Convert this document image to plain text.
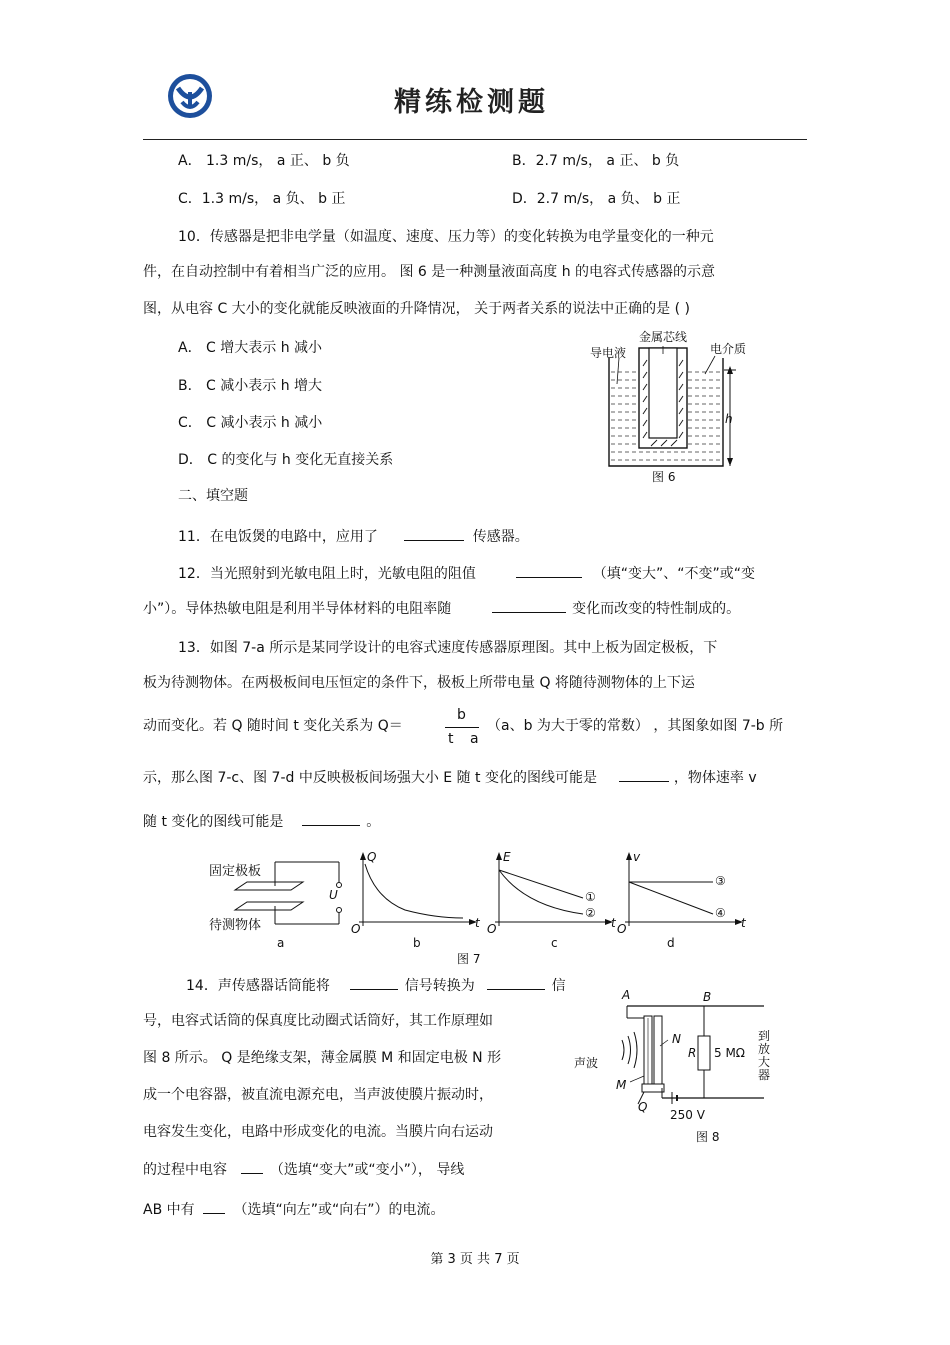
精练检测题
A． 1.3 m/s， a 正、 b 负	B．2.7 m/s， a 正、 b 负
C．1.3 m/s， a 负、 b 正	D．2.7 m/s， a 负、 b 正
10．传感器是把非电学量（如温度、速度、压力等）的变化转换为电学量变化的一种元
件，在自动控制中有着相当广泛的应用。 图 6 是一种测量液面高度 h 的电容式传感器的示意
图，从电容 C 大小的变化就能反映液面的升降情况， 关于两者关系的说法中正确的是 ( )
A． C 增大表示 h 减小
B． C 减小表示 h 增大
C． C 减小表示 h 减小
D． C 的变化与 h 变化无直接关系
导电液
金属芯线
电介质
h
图 6
二、填空题
11．在电饭煲的电路中，应用了	传感器。
12．当光照射到光敏电阻上时，光敏电阻的阻值	（填“变大”、“不变”或“变
小”）。导体热敏电阻是利用半导体材料的电阻率随	变化而改变的特性制成的。
13．如图 7-a 所示是某同学设计的电容式速度传感器原理图。其中上板为固定极板，下
板为待测物体。在两极板间电压恒定的条件下，极板上所带电量 Q 将随待测物体的上下运
动而变化。若 Q 随时间 t 变化关系为 Q＝
b
t a
（a、b 为大于零的常数） ，其图象如图 7-b 所
示，那么图 7-c、图 7-d 中反映极板间场强大小 E 随 t 变化的图线可能是	，物体速率 v
随 t 变化的图线可能是	。
固定极板
待测物体
U
a
Q
O	t
b
E
O	t
①
②
c
v
O	t
③
④
d
图 7
14．声传感器话筒能将	信号转换为	信
号，电容式话筒的保真度比动圈式话筒好，其工作原理如
图 8 所示。 Q 是绝缘支架，薄金属膜 M 和固定电极 N 形
成一个电容器，被直流电源充电，当声波使膜片振动时，
电容发生变化，电路中形成变化的电流。当膜片向右运动
的过程中电容	（选填“变大”或“变小”）， 导线
AB 中有	（选填“向左”或“向右”）的电流。
A	B
N
R 5 MΩ
声波
M
Q
250 V
到
放
大
器
图 8
第 3 页 共 7 页
